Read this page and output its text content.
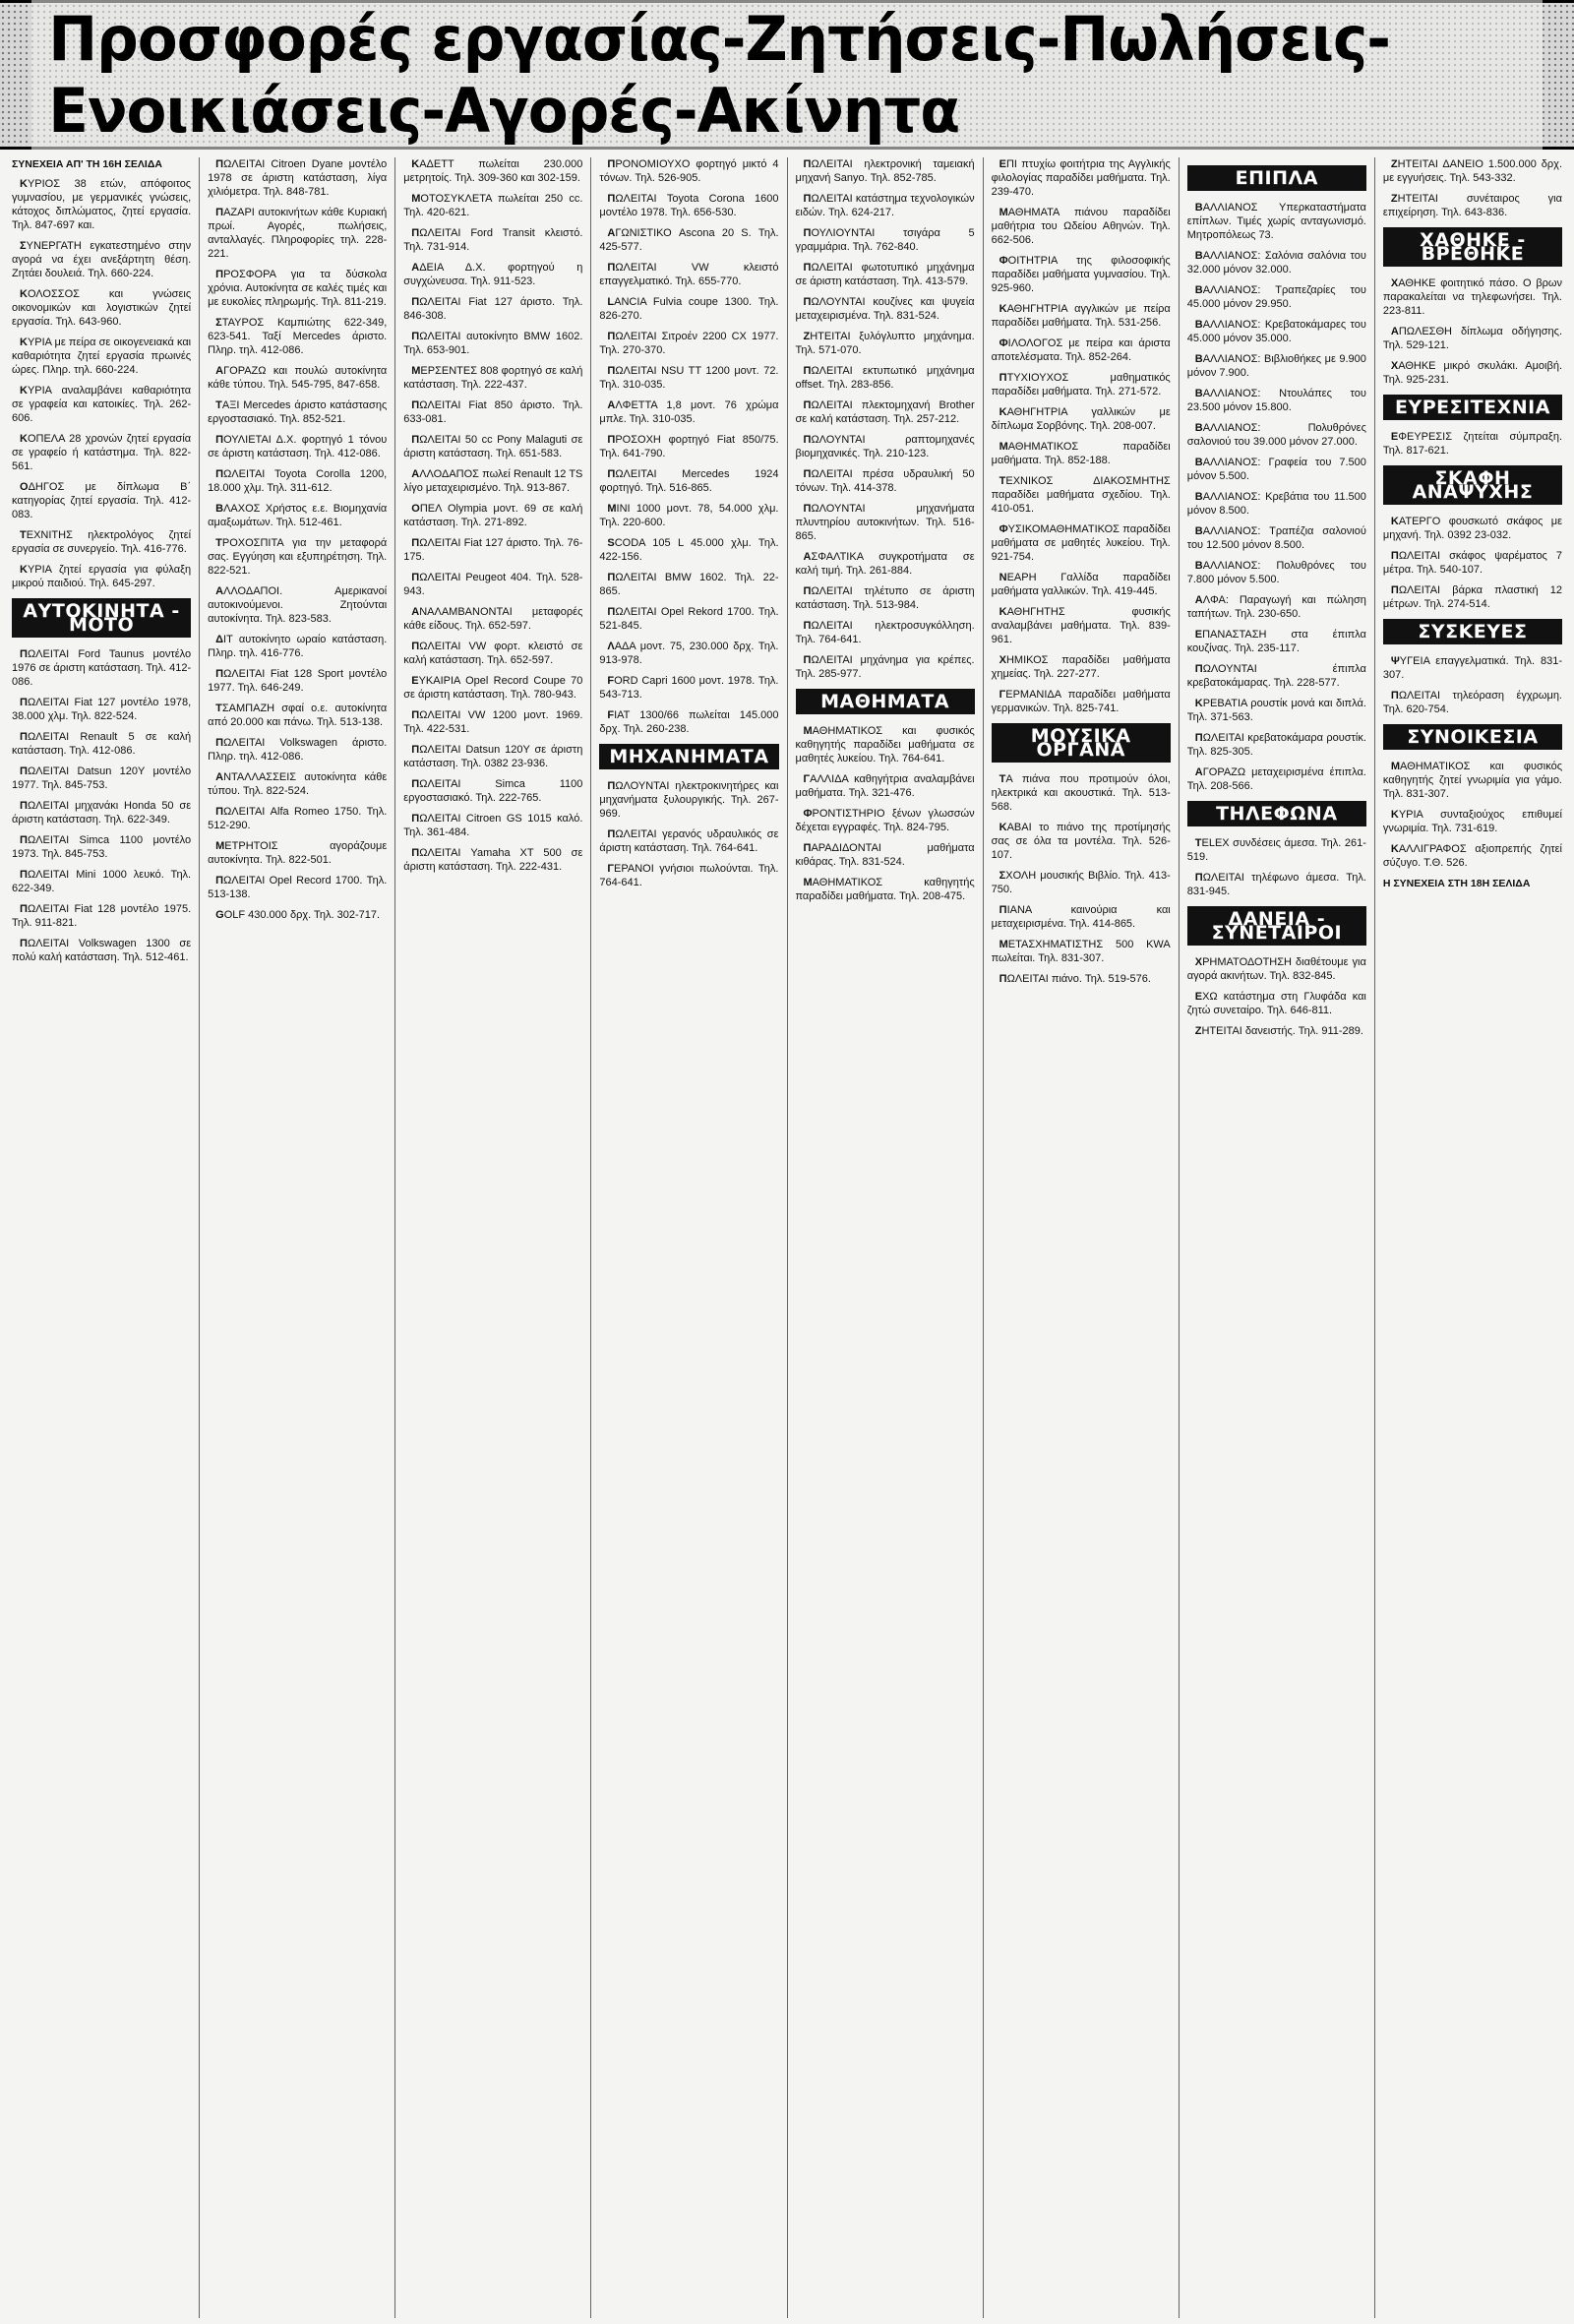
Προσφορές εργασίας-Ζητήσεις-Πωλήσεις-Ενοικιάσεις-Αγορές-Ακίνητα
ΣΥΝΕΧΕΙΑ ΑΠ' ΤΗ 16Η ΣΕΛΙΔΑ
ΚΥΡΙΟΣ 38 ετών, απόφοιτος γυμνασίου, με γερμανικές γνώσεις, κάτοχος διπλώματος, ζητεί εργασία. Τηλ. 847-697 και.
ΣΥΝΕΡΓΑΤΗ εγκατεστημένο στην αγορά να έχει ανεξάρτητη θέση. Ζητάει δουλειά. Τηλ. 660-224.
ΚΟΛΟΣΣΟΣ και γνώσεις οικονομικών και λογιστικών ζητεί εργασία. Τηλ. 643-960.
ΚΥΡΙΑ με πείρα σε οικογενειακά και καθαριότητα ζητεί εργασία πρωινές ώρες. Πληρ. τηλ. 660-224.
ΚΥΡΙΑ αναλαμβάνει καθαριότητα σε γραφεία και κατοικίες. Τηλ. 262-606.
ΚΟΠΕΛΑ 28 χρονών ζητεί εργασία σε γραφείο ή κατάστημα. Τηλ. 822-561.
ΟΔΗΓΟΣ με δίπλωμα Β΄ κατηγορίας ζητεί εργασία. Τηλ. 412-083.
ΤΕΧΝΙΤΗΣ ηλεκτρολόγος ζητεί εργασία σε συνεργείο. Τηλ. 416-776.
ΚΥΡΙΑ ζητεί εργασία για φύλαξη μικρού παιδιού. Τηλ. 645-297.
ΑΥΤΟΚΙΝΗΤΑ - ΜΟΤΟ
ΠΩΛΕΙΤΑΙ Ford Taunus μοντέλο 1976 σε άριστη κατάσταση. Τηλ. 412-086.
ΠΩΛΕΙΤΑΙ Fiat 127 μοντέλο 1978, 38.000 χλμ. Τηλ. 822-524.
ΠΩΛΕΙΤΑΙ Renault 5 σε καλή κατάσταση. Τηλ. 412-086.
ΠΩΛΕΙΤΑΙ Datsun 120Υ μοντέλο 1977. Τηλ. 845-753.
ΠΩΛΕΙΤΑΙ μηχανάκι Honda 50 σε άριστη κατάσταση. Τηλ. 622-349.
ΠΩΛΕΙΤΑΙ Simca 1100 μοντέλο 1973. Τηλ. 845-753.
ΠΩΛΕΙΤΑΙ Mini 1000 λευκό. Τηλ. 622-349.
ΠΩΛΕΙΤΑΙ Fiat 128 μοντέλο 1975. Τηλ. 911-821.
ΠΩΛΕΙΤΑΙ Volkswagen 1300 σε πολύ καλή κατάσταση. Τηλ. 512-461.
ΠΩΛΕΙΤΑΙ Citroen Dyane μοντέλο 1978 σε άριστη κατάσταση, λίγα χιλιόμετρα. Τηλ. 848-781.
ΠΑΖΑΡΙ αυτοκινήτων κάθε Κυριακή πρωί. Αγορές, πωλήσεις, ανταλλαγές. Πληροφορίες τηλ. 228-221.
ΠΡΟΣΦΟΡΑ για τα δύσκολα χρόνια. Αυτοκίνητα σε καλές τιμές και με ευκολίες πληρωμής. Τηλ. 811-219.
ΣΤΑΥΡΟΣ Καμπιώτης 622-349, 623-541. Ταξί Mercedes άριστο. Πληρ. τηλ. 412-086.
ΑΓΟΡΑΖΩ και πουλώ αυτοκίνητα κάθε τύπου. Τηλ. 545-795, 847-658.
ΤΑΞΙ Mercedes άριστο κατάστασης εργοστασιακό. Τηλ. 852-521.
ΠΟΥΛΙΕΤΑΙ Δ.Χ. φορτηγό 1 τόνου σε άριστη κατάσταση. Τηλ. 412-086.
ΠΩΛΕΙΤΑΙ Toyota Corolla 1200, 18.000 χλμ. Τηλ. 311-612.
ΒΛΑΧΟΣ Χρήστος ε.ε. Βιομηχανία αμαξωμάτων. Τηλ. 512-461.
ΤΡΟΧΟΣΠΙΤΑ για την μεταφορά σας. Εγγύηση και εξυπηρέτηση. Τηλ. 822-521.
ΑΛΛΟΔΑΠΟΙ. Αμερικανοί αυτοκινούμενοι. Ζητούνται αυτοκίνητα. Τηλ. 823-583.
ΔΙΤ αυτοκίνητο ωραίο κατάσταση. Πληρ. τηλ. 416-776.
ΠΩΛΕΙΤΑΙ Fiat 128 Sport μοντέλο 1977. Τηλ. 646-249.
ΤΣΑΜΠΑΖΗ σφαί ο.ε. αυτοκίνητα από 20.000 και πάνω. Τηλ. 513-138.
ΠΩΛΕΙΤΑΙ Volkswagen άριστο. Πληρ. τηλ. 412-086.
ΑΝΤΑΛΛΑΣΣΕΙΣ αυτοκίνητα κάθε τύπου. Τηλ. 822-524.
ΠΩΛΕΙΤΑΙ Alfa Romeo 1750. Τηλ. 512-290.
ΜΕΤΡΗΤΟΙΣ αγοράζουμε αυτοκίνητα. Τηλ. 822-501.
ΠΩΛΕΙΤΑΙ Opel Record 1700. Τηλ. 513-138.
GOLF 430.000 δρχ. Τηλ. 302-717.
ΚΑΔΕΤΤ πωλείται 230.000 μετρητοίς. Τηλ. 309-360 και 302-159.
ΜΟΤΟΣΥΚΛΕΤΑ πωλείται 250 cc. Τηλ. 420-621.
ΠΩΛΕΙΤΑΙ Ford Transit κλειστό. Τηλ. 731-914.
ΑΔΕΙΑ Δ.Χ. φορτηγού η συγχώνευσα. Τηλ. 911-523.
ΠΩΛΕΙΤΑΙ Fiat 127 άριστο. Τηλ. 846-308.
ΠΩΛΕΙΤΑΙ αυτοκίνητο BMW 1602. Τηλ. 653-901.
ΜΕΡΣΕΝΤΕΣ 808 φορτηγό σε καλή κατάσταση. Τηλ. 222-437.
ΠΩΛΕΙΤΑΙ Fiat 850 άριστο. Τηλ. 633-081.
ΠΩΛΕΙΤΑΙ 50 cc Pony Malaguti σε άριστη κατάσταση. Τηλ. 651-583.
ΑΛΛΟΔΑΠΟΣ πωλεί Renault 12 TS λίγο μεταχειρισμένο. Τηλ. 913-867.
ΟΠΕΛ Olympia μοντ. 69 σε καλή κατάσταση. Τηλ. 271-892.
ΠΩΛΕΙΤΑΙ Fiat 127 άριστο. Τηλ. 76-175.
ΠΩΛΕΙΤΑΙ Peugeot 404. Τηλ. 528-943.
ΑΝΑΛΑΜΒΑΝΟΝΤΑΙ μεταφορές κάθε είδους. Τηλ. 652-597.
ΠΩΛΕΙΤΑΙ VW φορτ. κλειστό σε καλή κατάσταση. Τηλ. 652-597.
ΕΥΚΑΙΡΙΑ Opel Record Coupe 70 σε άριστη κατάσταση. Τηλ. 780-943.
ΠΩΛΕΙΤΑΙ VW 1200 μοντ. 1969. Τηλ. 422-531.
ΠΩΛΕΙΤΑΙ Datsun 120Υ σε άριστη κατάσταση. Τηλ. 0382 23-936.
ΠΩΛΕΙΤΑΙ Simca 1100 εργοστασιακό. Τηλ. 222-765.
ΠΩΛΕΙΤΑΙ Citroen GS 1015 καλό. Τηλ. 361-484.
ΠΩΛΕΙΤΑΙ Yamaha ΧΤ 500 σε άριστη κατάσταση. Τηλ. 222-431.
ΠΡΟΝΟΜΙΟΥΧΟ φορτηγό μικτό 4 τόνων. Τηλ. 526-905.
ΠΩΛΕΙΤΑΙ Toyota Corona 1600 μοντέλο 1978. Τηλ. 656-530.
ΑΓΩΝΙΣΤΙΚΟ Ascona 20 S. Τηλ. 425-577.
ΠΩΛΕΙΤΑΙ VW κλειστό επαγγελματικό. Τηλ. 655-770.
LANCIA Fulvia coupe 1300. Τηλ. 826-270.
ΠΩΛΕΙΤΑΙ Σιτροέν 2200 CX 1977. Τηλ. 270-370.
ΠΩΛΕΙΤΑΙ NSU TT 1200 μοντ. 72. Τηλ. 310-035.
ΑΛΦΕΤΤΑ 1,8 μοντ. 76 χρώμα μπλε. Τηλ. 310-035.
ΠΡΟΣΟΧΗ φορτηγό Fiat 850/75. Τηλ. 641-790.
ΠΩΛΕΙΤΑΙ Mercedes 1924 φορτηγό. Τηλ. 516-865.
MINI 1000 μοντ. 78, 54.000 χλμ. Τηλ. 220-600.
SCODA 105 L 45.000 χλμ. Τηλ. 422-156.
ΠΩΛΕΙΤΑΙ BMW 1602. Τηλ. 22-865.
ΠΩΛΕΙΤΑΙ Opel Rekord 1700. Τηλ. 521-845.
ΛΑΔΑ μοντ. 75, 230.000 δρχ. Τηλ. 913-978.
FORD Capri 1600 μοντ. 1978. Τηλ. 543-713.
FIAT 1300/66 πωλείται 145.000 δρχ. Τηλ. 260-238.
ΜΗΧΑΝΗΜΑΤΑ
ΠΩΛΟΥΝΤΑΙ ηλεκτροκινητήρες και μηχανήματα ξυλουργικής. Τηλ. 267-969.
ΠΩΛΕΙΤΑΙ γερανός υδραυλικός σε άριστη κατάσταση. Τηλ. 764-641.
ΓΕΡΑΝΟΙ γνήσιοι πωλούνται. Τηλ. 764-641.
ΠΩΛΕΙΤΑΙ ηλεκτρονική ταμειακή μηχανή Sanyo. Τηλ. 852-785.
ΠΩΛΕΙΤΑΙ κατάστημα τεχνολογικών ειδών. Τηλ. 624-217.
ΠΟΥΛΙΟΥΝΤΑΙ τσιγάρα 5 γραμμάρια. Τηλ. 762-840.
ΠΩΛΕΙΤΑΙ φωτοτυπικό μηχάνημα σε άριστη κατάσταση. Τηλ. 413-579.
ΠΩΛΟΥΝΤΑΙ κουζίνες και ψυγεία μεταχειρισμένα. Τηλ. 831-524.
ΖΗΤΕΙΤΑΙ ξυλόγλυπτο μηχάνημα. Τηλ. 571-070.
ΠΩΛΕΙΤΑΙ εκτυπωτικό μηχάνημα offset. Τηλ. 283-856.
ΠΩΛΕΙΤΑΙ πλεκτομηχανή Brother σε καλή κατάσταση. Τηλ. 257-212.
ΠΩΛΟΥΝΤΑΙ ραπτομηχανές βιομηχανικές. Τηλ. 210-123.
ΠΩΛΕΙΤΑΙ πρέσα υδραυλική 50 τόνων. Τηλ. 414-378.
ΠΩΛΟΥΝΤΑΙ μηχανήματα πλυντηρίου αυτοκινήτων. Τηλ. 516-865.
ΑΣΦΑΛΤΙΚΑ συγκροτήματα σε καλή τιμή. Τηλ. 261-884.
ΠΩΛΕΙΤΑΙ τηλέτυπο σε άριστη κατάσταση. Τηλ. 513-984.
ΠΩΛΕΙΤΑΙ ηλεκτροσυγκόλληση. Τηλ. 764-641.
ΠΩΛΕΙΤΑΙ μηχάνημα για κρέπες. Τηλ. 285-977.
ΜΑΘΗΜΑΤΑ
ΜΑΘΗΜΑΤΙΚΟΣ και φυσικός καθηγητής παραδίδει μαθήματα σε μαθητές λυκείου. Τηλ. 764-641.
ΓΑΛΛΙΔΑ καθηγήτρια αναλαμβάνει μαθήματα. Τηλ. 321-476.
ΦΡΟΝΤΙΣΤΗΡΙΟ ξένων γλωσσών δέχεται εγγραφές. Τηλ. 824-795.
ΠΑΡΑΔΙΔΟΝΤΑΙ μαθήματα κιθάρας. Τηλ. 831-524.
ΜΑΘΗΜΑΤΙΚΟΣ καθηγητής παραδίδει μαθήματα. Τηλ. 208-475.
ΕΠΙ πτυχίω φοιτήτρια της Αγγλικής φιλολογίας παραδίδει μαθήματα. Τηλ. 239-470.
ΜΑΘΗΜΑΤΑ πιάνου παραδίδει μαθήτρια του Ωδείου Αθηνών. Τηλ. 662-506.
ΦΟΙΤΗΤΡΙΑ της φιλοσοφικής παραδίδει μαθήματα γυμνασίου. Τηλ. 925-960.
ΚΑΘΗΓΗΤΡΙΑ αγγλικών με πείρα παραδίδει μαθήματα. Τηλ. 531-256.
ΦΙΛΟΛΟΓΟΣ με πείρα και άριστα αποτελέσματα. Τηλ. 852-264.
ΠΤΥΧΙΟΥΧΟΣ μαθηματικός παραδίδει μαθήματα. Τηλ. 271-572.
ΚΑΘΗΓΗΤΡΙΑ γαλλικών με δίπλωμα Σορβόνης. Τηλ. 208-007.
ΜΑΘΗΜΑΤΙΚΟΣ παραδίδει μαθήματα. Τηλ. 852-188.
ΤΕΧΝΙΚΟΣ ΔΙΑΚΟΣΜΗΤΗΣ παραδίδει μαθήματα σχεδίου. Τηλ. 410-051.
ΦΥΣΙΚΟΜΑΘΗΜΑΤΙΚΟΣ παραδίδει μαθήματα σε μαθητές λυκείου. Τηλ. 921-754.
ΝΕΑΡΗ Γαλλίδα παραδίδει μαθήματα γαλλικών. Τηλ. 419-445.
ΚΑΘΗΓΗΤΗΣ φυσικής αναλαμβάνει μαθήματα. Τηλ. 839-961.
ΧΗΜΙΚΟΣ παραδίδει μαθήματα χημείας. Τηλ. 227-277.
ΓΕΡΜΑΝΙΔΑ παραδίδει μαθήματα γερμανικών. Τηλ. 825-741.
ΜΟΥΣΙΚΑ ΟΡΓΑΝΑ
ΤΑ πιάνα που προτιμούν όλοι, ηλεκτρικά και ακουστικά. Τηλ. 513-568.
ΚΑΒΑΙ το πιάνο της προτίμησής σας σε όλα τα μοντέλα. Τηλ. 526-107.
ΣΧΟΛΗ μουσικής Βιβλίο. Τηλ. 413-750.
ΠΙΑΝΑ καινούρια και μεταχειρισμένα. Τηλ. 414-865.
ΜΕΤΑΣΧΗΜΑΤΙΣΤΗΣ 500 KWA πωλείται. Τηλ. 831-307.
ΠΩΛΕΙΤΑΙ πιάνο. Τηλ. 519-576.
ΕΠΙΠΛΑ
ΒΑΛΛΙΑΝΟΣ Υπερκαταστήματα επίπλων. Τιμές χωρίς ανταγωνισμό. Μητροπόλεως 73.
ΒΑΛΛΙΑΝΟΣ: Σαλόνια σαλόνια του 32.000 μόνον 32.000.
ΒΑΛΛΙΑΝΟΣ: Τραπεζαρίες του 45.000 μόνον 29.950.
ΒΑΛΛΙΑΝΟΣ: Κρεβατοκάμαρες του 45.000 μόνον 35.000.
ΒΑΛΛΙΑΝΟΣ: Βιβλιοθήκες με 9.900 μόνον 7.900.
ΒΑΛΛΙΑΝΟΣ: Ντουλάπες του 23.500 μόνον 15.800.
ΒΑΛΛΙΑΝΟΣ: Πολυθρόνες σαλονιού του 39.000 μόνον 27.000.
ΒΑΛΛΙΑΝΟΣ: Γραφεία του 7.500 μόνον 5.500.
ΒΑΛΛΙΑΝΟΣ: Κρεβάτια του 11.500 μόνον 8.500.
ΒΑΛΛΙΑΝΟΣ: Τραπέζια σαλονιού του 12.500 μόνον 8.500.
ΒΑΛΛΙΑΝΟΣ: Πολυθρόνες του 7.800 μόνον 5.500.
ΑΛΦΑ: Παραγωγή και πώληση ταπήτων. Τηλ. 230-650.
ΕΠΑΝΑΣΤΑΣΗ στα έπιπλα κουζίνας. Τηλ. 235-117.
ΠΩΛΟΥΝΤΑΙ έπιπλα κρεβατοκάμαρας. Τηλ. 228-577.
ΚΡΕΒΑΤΙΑ ρουστίκ μονά και διπλά. Τηλ. 371-563.
ΠΩΛΕΙΤΑΙ κρεβατοκάμαρα ρουστίκ. Τηλ. 825-305.
ΑΓΟΡΑΖΩ μεταχειρισμένα έπιπλα. Τηλ. 208-566.
ΤΗΛΕΦΩΝΑ
TELEX συνδέσεις άμεσα. Τηλ. 261-519.
ΠΩΛΕΙΤΑΙ τηλέφωνο άμεσα. Τηλ. 831-945.
ΔΑΝΕΙΑ - ΣΥΝΕΤΑΙΡΟΙ
ΧΡΗΜΑΤΟΔΟΤΗΣΗ διαθέτουμε για αγορά ακινήτων. Τηλ. 832-845.
ΕΧΩ κατάστημα στη Γλυφάδα και ζητώ συνεταίρο. Τηλ. 646-811.
ΖΗΤΕΙΤΑΙ δανειστής. Τηλ. 911-289.
ΖΗΤΕΙΤΑΙ ΔΑΝΕΙΟ 1.500.000 δρχ. με εγγυήσεις. Τηλ. 543-332.
ΖΗΤΕΙΤΑΙ συνέταιρος για επιχείρηση. Τηλ. 643-836.
ΧΑΘΗΚΕ - ΒΡΕΘΗΚΕ
ΧΑΘΗΚΕ φοιτητικό πάσο. Ο βρων παρακαλείται να τηλεφωνήσει. Τηλ. 223-811.
ΑΠΩΛΕΣΘΗ δίπλωμα οδήγησης. Τηλ. 529-121.
ΧΑΘΗΚΕ μικρό σκυλάκι. Αμοιβή. Τηλ. 925-231.
ΕΥΡΕΣΙΤΕΧΝΙΑ
ΕΦΕΥΡΕΣΙΣ ζητείται σύμπραξη. Τηλ. 817-621.
ΣΚΑΦΗ ΑΝΑΨΥΧΗΣ
ΚΑΤΕΡΓΟ φουσκωτό σκάφος με μηχανή. Τηλ. 0392 23-032.
ΠΩΛΕΙΤΑΙ σκάφος ψαρέματος 7 μέτρα. Τηλ. 540-107.
ΠΩΛΕΙΤΑΙ βάρκα πλαστική 12 μέτρων. Τηλ. 274-514.
ΣΥΣΚΕΥΕΣ
ΨΥΓΕΙΑ επαγγελματικά. Τηλ. 831-307.
ΠΩΛΕΙΤΑΙ τηλεόραση έγχρωμη. Τηλ. 620-754.
ΣΥΝΟΙΚΕΣΙΑ
ΜΑΘΗΜΑΤΙΚΟΣ και φυσικός καθηγητής ζητεί γνωριμία για γάμο. Τηλ. 831-307.
ΚΥΡΙΑ συνταξιούχος επιθυμεί γνωριμία. Τηλ. 731-619.
ΚΑΛΛΙΓΡΑΦΟΣ αξιοπρεπής ζητεί σύζυγο. Τ.Θ. 526.
Η ΣΥΝΕΧΕΙΑ ΣΤΗ 18Η ΣΕΛΙΔΑ
